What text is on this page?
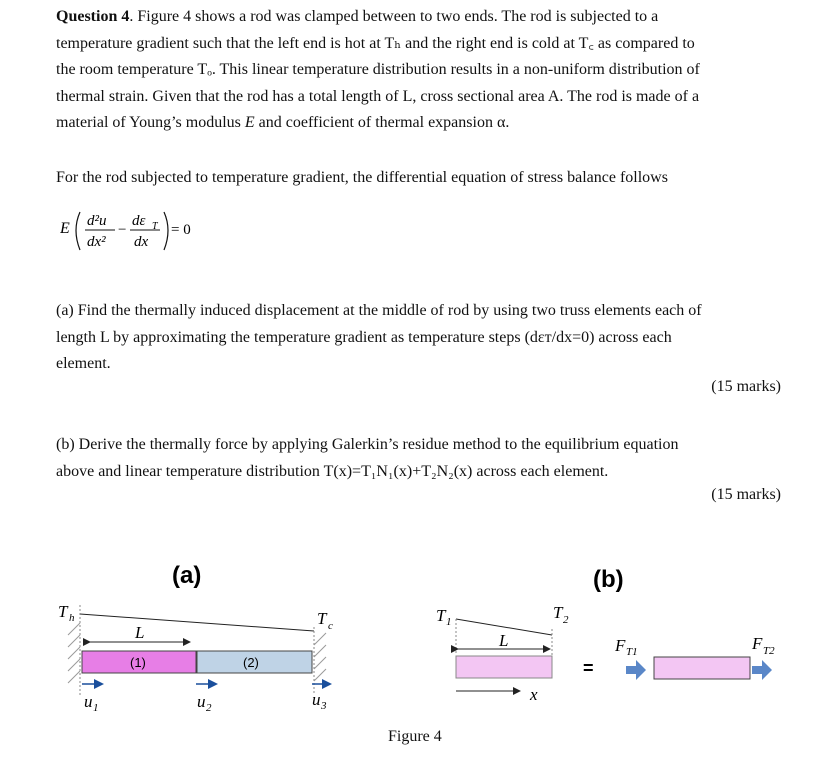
Question 4. Figure 4 shows a rod was clamped between to two ends. The rod is subjected to a
temperature gradient such that the left end is hot at Tₕ and the right end is cold at T꜀ as compared to
the room temperature Tₒ. This linear temperature distribution results in a non-uniform distribution of
thermal strain. Given that the rod has a total length of L, cross sectional area A. The rod is made of a
material of Young’s modulus E and coefficient of thermal expansion α.
For the rod subjected to temperature gradient, the differential equation of stress balance follows
E d²u
dx²
−
dε T
dx
= 0
(a) Find the thermally induced displacement at the middle of rod by using two truss elements each of
length L by approximating the temperature gradient as temperature steps (dεᴛ/dx=0) across each
element.
(15 marks)
(b) Derive the thermally force by applying Galerkin’s residue method to the equilibrium equation
above and linear temperature distribution T(x)=T₁N₁(x)+T₂N₂(x) across each element.
(15 marks)
(a)
T h	T c
L
(1)	(2)
u 1	u 2	u 3
(b)
T 1	T 2
L
x
=
F T1	F T2
Figure 4
